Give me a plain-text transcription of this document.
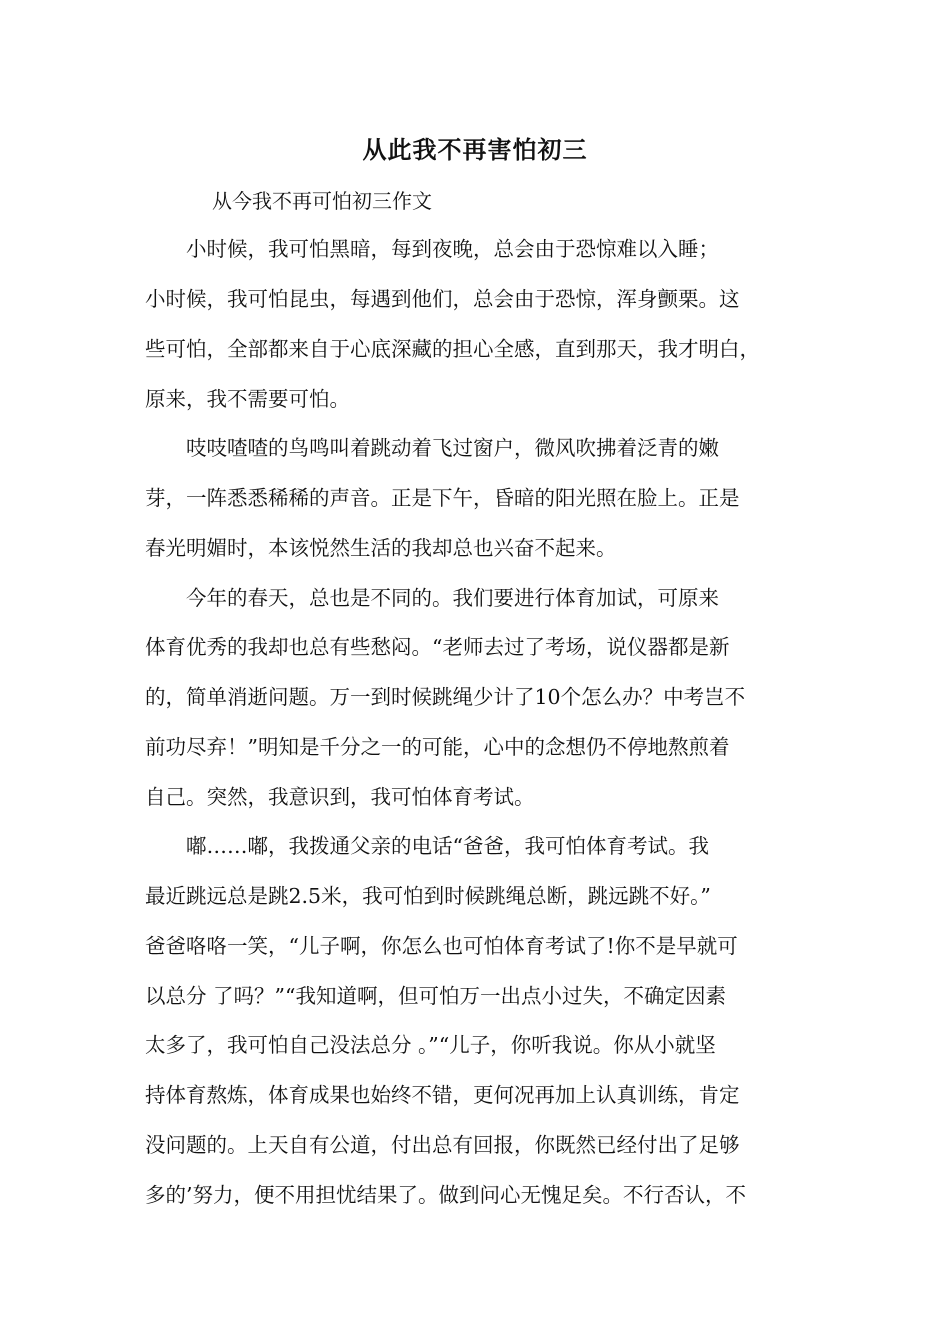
从此我不再害怕初三
从今我不再可怕初三作文
　　小时候，我可怕黑暗，每到夜晚，总会由于恐惊难以入睡；
小时候，我可怕昆虫，每遇到他们，总会由于恐惊，浑身颤栗。这
些可怕，全部都来自于心底深藏的担心全感，直到那天，我才明白，
原来，我不需要可怕。
　　吱吱喳喳的鸟鸣叫着跳动着飞过窗户，微风吹拂着泛青的嫩
芽，一阵悉悉稀稀的声音。正是下午，昏暗的阳光照在脸上。正是
春光明媚时，本该悦然生活的我却总也兴奋不起来。
　　今年的春天，总也是不同的。我们要进行体育加试，可原来
体育优秀的我却也总有些愁闷。“老师去过了考场，说仪器都是新
的，简单消逝问题。万一到时候跳绳少计了10个怎么办？中考岂不
前功尽弃！”明知是千分之一的可能，心中的念想仍不停地熬煎着
自己。突然，我意识到，我可怕体育考试。
　　嘟……嘟，我拨通父亲的电话“爸爸，我可怕体育考试。我
最近跳远总是跳2.5米，我可怕到时候跳绳总断，跳远跳不好。”
爸爸咯咯一笑，“儿子啊，你怎么也可怕体育考试了!你不是早就可
以总分 了吗？”“我知道啊，但可怕万一出点小过失，不确定因素
太多了，我可怕自己没法总分 。”“儿子，你听我说。你从小就坚
持体育熬炼，体育成果也始终不错，更何况再加上认真训练，肯定
没问题的。上天自有公道，付出总有回报，你既然已经付出了足够
多的’努力，便不用担忧结果了。做到问心无愧足矣。不行否认，不
